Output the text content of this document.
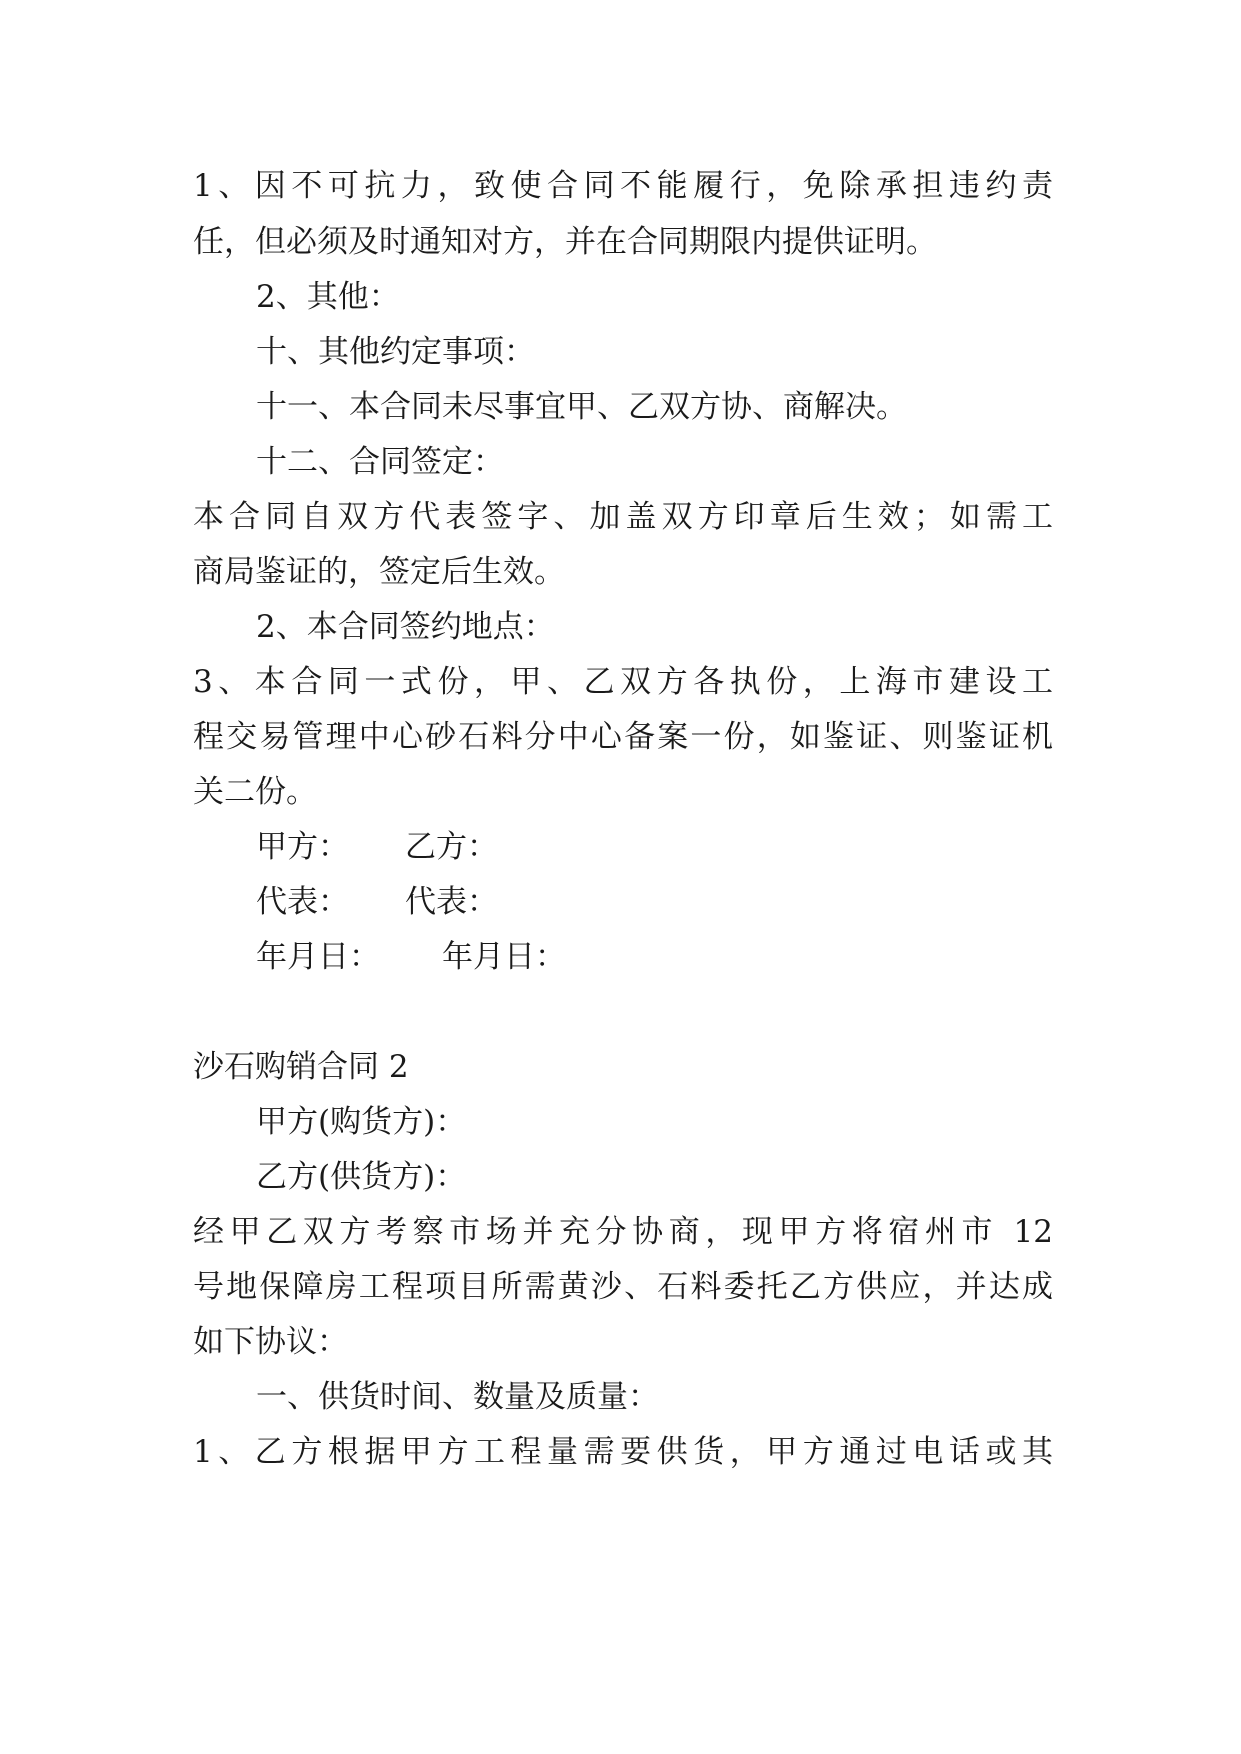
1、因不可抗力，致使合同不能履行，免除承担违约责
任，但必须及时通知对方，并在合同期限内提供证明。
2、其他：
十、其他约定事项：
十一、本合同未尽事宜甲、乙双方协、商解决。
十二、合同签定：
本合同自双方代表签字、加盖双方印章后生效；如需工
商局鉴证的，签定后生效。
2、本合同签约地点：
3、本合同一式份，甲、乙双方各执份，上海市建设工
程交易管理中心砂石料分中心备案一份，如鉴证、则鉴证机
关二份。
甲方： 乙方：
代表： 代表：
年月日： 年月日：
沙石购销合同 2
甲方(购货方)：
乙方(供货方)：
经甲乙双方考察市场并充分协商，现甲方将宿州市 12
号地保障房工程项目所需黄沙、石料委托乙方供应，并达成
如下协议：
一、供货时间、数量及质量：
1、乙方根据甲方工程量需要供货，甲方通过电话或其
